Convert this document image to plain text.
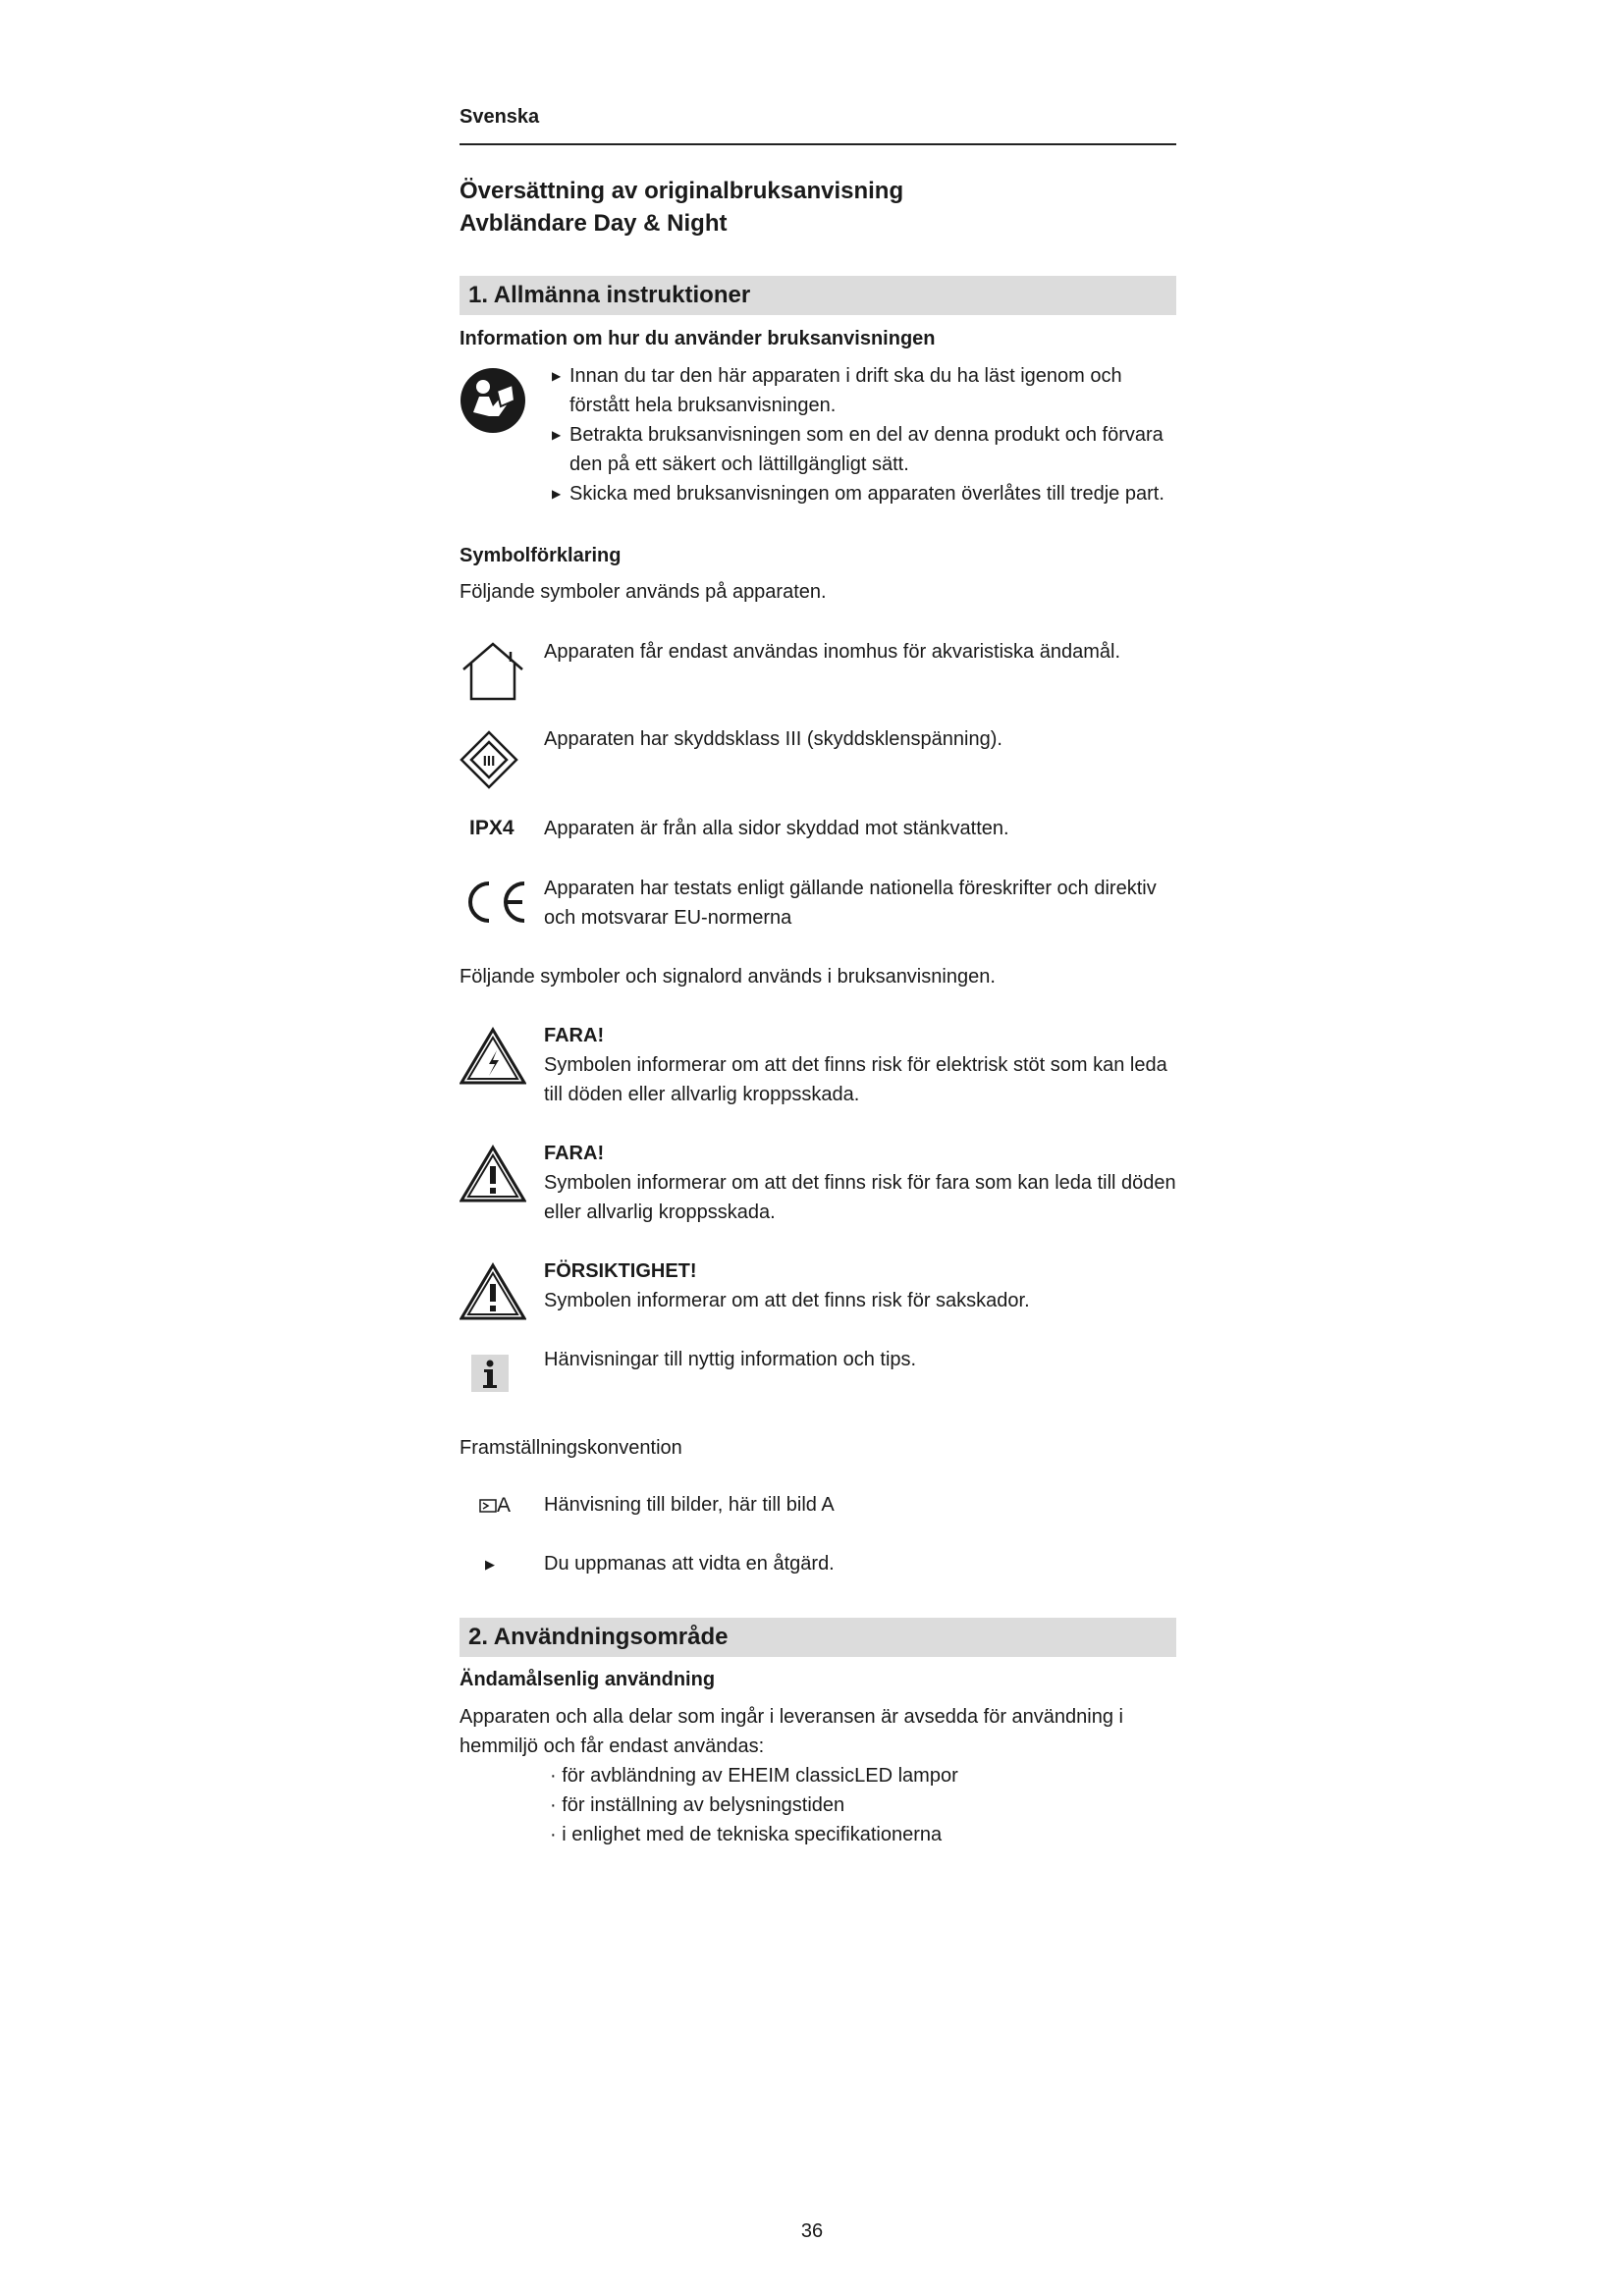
Svenska
Översättning av originalbruksanvisning
Avbländare Day & Night
1. Allmänna instruktioner
Information om hur du använder bruksanvisningen
▶ Innan du tar den här apparaten i drift ska du ha läst igenom och förstått hela bruksanvisningen.
▶ Betrakta bruksanvisningen som en del av denna produkt och förvara den på ett säkert och lättillgängligt sätt.
▶ Skicka med bruksanvisningen om apparaten överlåtes till tredje part.
Symbolförklaring
Följande symboler används på apparaten.
Apparaten får endast användas inomhus för akvaristiska ändamål.
III
Apparaten har skyddsklass III (skyddsklenspänning).
IPX4 Apparaten är från alla sidor skyddad mot stänkvatten.
Apparaten har testats enligt gällande nationella föreskrifter och direktiv och motsvarar EU-normerna
Följande symboler och signalord används i bruksanvisningen.
FARA!
Symbolen informerar om att det finns risk för elektrisk stöt som kan leda till döden eller allvarlig kroppsskada.
FARA!
Symbolen informerar om att det finns risk för fara som kan leda till döden eller allvarlig kroppsskada.
FÖRSIKTIGHET!
Symbolen informerar om att det finns risk för sakskador.
Hänvisningar till nyttig information och tips.
Framställningskonvention
A Hänvisning till bilder, här till bild A
▶	Du uppmanas att vidta en åtgärd.
2. Användningsområde
Ändamålsenlig användning
Apparaten och alla delar som ingår i leveransen är avsedda för användning i hemmiljö och får endast användas:
· för avbländning av EHEIM classicLED lampor
· för inställning av belysningstiden
· i enlighet med de tekniska specifikationerna
36
